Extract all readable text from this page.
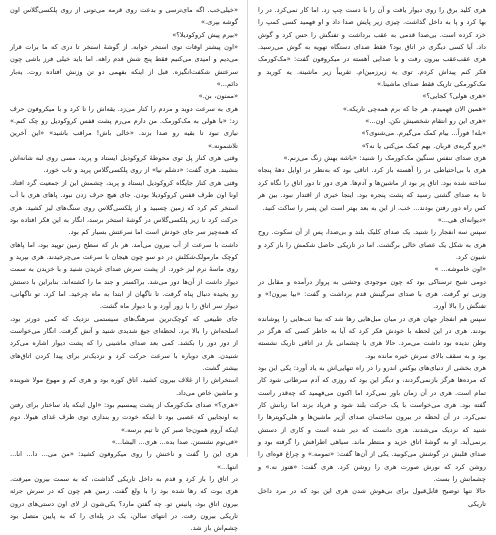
«خیلی‌خب. اگه ما‌ی‌ترسی و بدعت روی قرمه می‌تونی از روی پلکسی‌گلاس اون گوشه بپری.»

«بیرم پیش کروکودیلا؟»

«اون پیشتر اوقات توی استخر خوابه. از گوشهٔ استخر تا دری که ما برات قرار می‌دیم و امیدی می‌کنیم فقط پنج شش قدم راهه. اما باید خیلی فرز باشی چون سرعتش شکفت‌انگیزه. قبل از اینکه بفهمی دو تن وزنش افتاده روت. یه‌بار دائم...»

«ممنون، بن.»

هری به سرعت دوید و مردم را کنار می‌زد. یقه‌اش را تا کرد و با میکروفون حرف زد: «با هولی به مک‌کورمک. من دارم می‌رم پشت قفس کروکودیل رو چک کنم.» نیازی نبود تا بقیه رو صدا بزند. «خالی باش! مراقب باشید» «این آخرین تلاشمونه.»

وقتی هری کنار پل توی محوطهٔ کروکودیل ایستاد و پرید، مسی روی لبه شانه‌اش بنشیند. هری گفت: «دشلم نیا» از روی پلکسی‌گلاس پرید و تاب خورد.

وقتی هری کنار جایگاه کروکودیل ایستاد و پرید، چشمش این از جمعیت گرد افتاد. اونا اون طرف قفس کروکودیلا بودن. جای هیچ حرف زدن نبود. پاهای هری با آب استخر کم کرد که زمین چسبید و از پلکسی‌گلاس روی سنگ‌های لیز کشید. هری حرکت کرد تا زیر پلکسی‌گلاس در گوشهٔ استخر برسد، انگار به این فکر افتاده بود که همه‌چیز سر جای خودش است اما سرعتش بسیار کم بود.

داشت با سرعت از آب بیرون می‌آمد. هر بار که سطح زمین توپید بود، اما پاهای کوچک مارمولک‌شکلش در دو سو چون هیجان با سرعت می‌چرخیدند. هری بپرید و روی ماسهٔ نرم لیز خورد. از پشت سرش صدای غریدن شنید و با خزیدن به سمت دیوار داشت از آن‌ها دور می‌شد. براکستر و جند ما را کشته‌اند. بنابراین با دستش رو یخیده دنبال پناه گرفت. تا ناگهان از ابتدا به ماه چرخید. اما کرد. تو ناگهانی، دیوار سر اتاق را با زور آورد و با دیوار ماه گشت.

جای طبیعی که کوچک‌ترین سرهنگ‌های سیستمی نزدیک که کمی دورتر بود، اسلحه‌اش را بالا برد. لحظه‌ای جیغ شدیدی شنید و آتش گرفت. انگار می‌خواست از دور دور را بکشد. کمی بعد صدای ماشینی را که پشت دیوار اشاره می‌کرد شنیدن. هری دوباره با سرعت حرکت کرد و نزدیک‌تر برای پیدا کردن اتاق‌های بیشتر گشت.

استخراش را از غلاف بیرون کشید. اتاق کوره بود و هری کم و مهوع مولا شوینده و ماشین خاص می‌داد.

«هری؟» صدای مک‌کورمک از پشت پیمسیم بود: «اول اینکه یاد ساختار برای رفتن به اونجاییں که عصبی بود تا اینکه خودت رو بندازی توی ظرف غذای هیولا. دوم اینکه آروم همون‌جا صبر کن تا تیم برسه.»

«فی‌توم نشستن. صدا بده... هری... الیشا...»

هری این را گفت و ناخنش را روی میکروفون کشید: «من می... دا... انا... انتها...»

در اتاق را باز کرد و قدم به داخل تاریکی گذاشت، که به سمت بیرون میرفت. هری بوت که رها شده بود را با ولع گفت. زمین هم چون که در سرش جرئه بیرون اتاق بود، پانیس تو. چه گفتن مارد؟ یکی‌شون از لای اون دستی‌های درون تاریکی بیرون رفت. در انتهای سالن، یک در پله‌ای را که به پایین متصل بود چشم‌اش باز شد.

هری کلید برق را روی دیوار یافت و آن را با دست چپ زد. اما کار نمی‌کرد. در را بها کرد و پا به داخل گذاشت. چیزی زیر پایش صدا داد و او فهمید کسی کمپ را خرد کرده است. بی‌صدا قدمی به عقب برداشت و تفنگش را حس کرد و گوش داد. آیا کسی دیگری در اتاق بود؟ فقط صدای دستگاه تهویه به گوش می‌رسید. هری عقب‌عقب بیرون رفت و یا صدایی آهسته در میکروفون گفت: «مک‌کورمک فکر کنم پیداش کردم. توی یه زیرزمین‌ام. تقریباً زیر ماشینه. یه کورید و مک‌کورمکی تاریک فقط صدای ماشینا.»

«هری هولی؟ کجایی؟»

«همین الان فهمیدم. هر جا که برم همه‌چی تاریکه.»

«هری این رو انتقام شخصیش نکن. اون...»

«بله! فوراً... بیام کمک می‌گیرم. می‌شنوی؟»

«برو گربه‌ی قربان. بهم کمک می‌کنی یا نه؟»

هری صدای تنفس سنگین مک‌کورمک را شنید: «باشه بهش زنگ می‌زنم.»

هری با بی‌احتیاطی در را آهسته باز کرد. اتاقی بود که به‌نظر در اوایل دههٔ پنجاه ساخته شده بود. اتاق پر بود از ماشین‌ها و آدم‌ها. هری دور تا دور اتاق را نگاه کرد تا به صدای گشتی رسید که پشت پنجره بود. اینجا خبری از اقتدار نبود. بین هر کس راه دور رفتن بودند... خب. از این به بعد بهتر است این پسر را ساکت کنید.

«دیوانه‌ای هی...»

سپس سه انفجار را شنید. یک صدای کلیک بلند و بی‌صدا، پس از آن سکوت. روح هری به شکل یک عصای خالی برگشت. اما در تاریکی حاصل شکمش را باز کرد و شیون کرد.

«اون خاموشه... »

دومی شیح ترسناکی بود که چون موجودی وحشی به پرواز درآمده و مقابل در وزنی تو گرفت. هری با صدای سرگینش قدم برداشت و گفت: «بیا بیرون!» و تفنگش را بالا آورد.

سپس هم انفجار جهان هری در میان مبل‌هایی رها شد که بیتا تب‌هایی را پوشانده بودند. هری در این لحظه با خودش فکر کرد که آیا به خاطر کسی که هرگز در وطن ندیده بود داشت می‌مرد. حالا هری با چشمانی باز در اتاقی تاریک نشسته بود و به سقف بالای سرش خیره مانده بود.

هری بخشی از دنیای‌های یوکس اندرو را در راه تنهایی‌اش به یاد آورد: یکی این بود که مرده‌ها هرگز بازنمی‌گردند، و دیگر این بود که روزی که آدم سرطانی شود کار تمام است. هری در آن زمان باور نمی‌کرد اما اکنون می‌فهمید که چه‌قدر راست گفته بود. هری می‌خواست با یک حرکت بلند شود و فریاد بزند اما زبانش کار نمی‌کرد. در آن لحظه در بیرون ساختمان صدای آژیر ماشین‌ها و هلی‌کوپترها را شنید که نزدیک می‌شدند. هری دانست که دیر شده است و کاری از دستش برنمی‌آید. او به گوشهٔ اتاق خزید و منتظر ماند. سیاهی اطرافش را گرفته بود و صدای قلبش در گوشش می‌کوبید. یکی از آن‌ها گفت: «تمومه.» و چراغ قوه‌ای را روشن کرد که نورش صورت هری را روشن کرد. هری گفت: «هنوز نه.» و چشمانش را بست.

حالا تنها توضیح قابل‌قبول برای بی‌هوش شدن هری این بود که در مرد داخل تاریکی
